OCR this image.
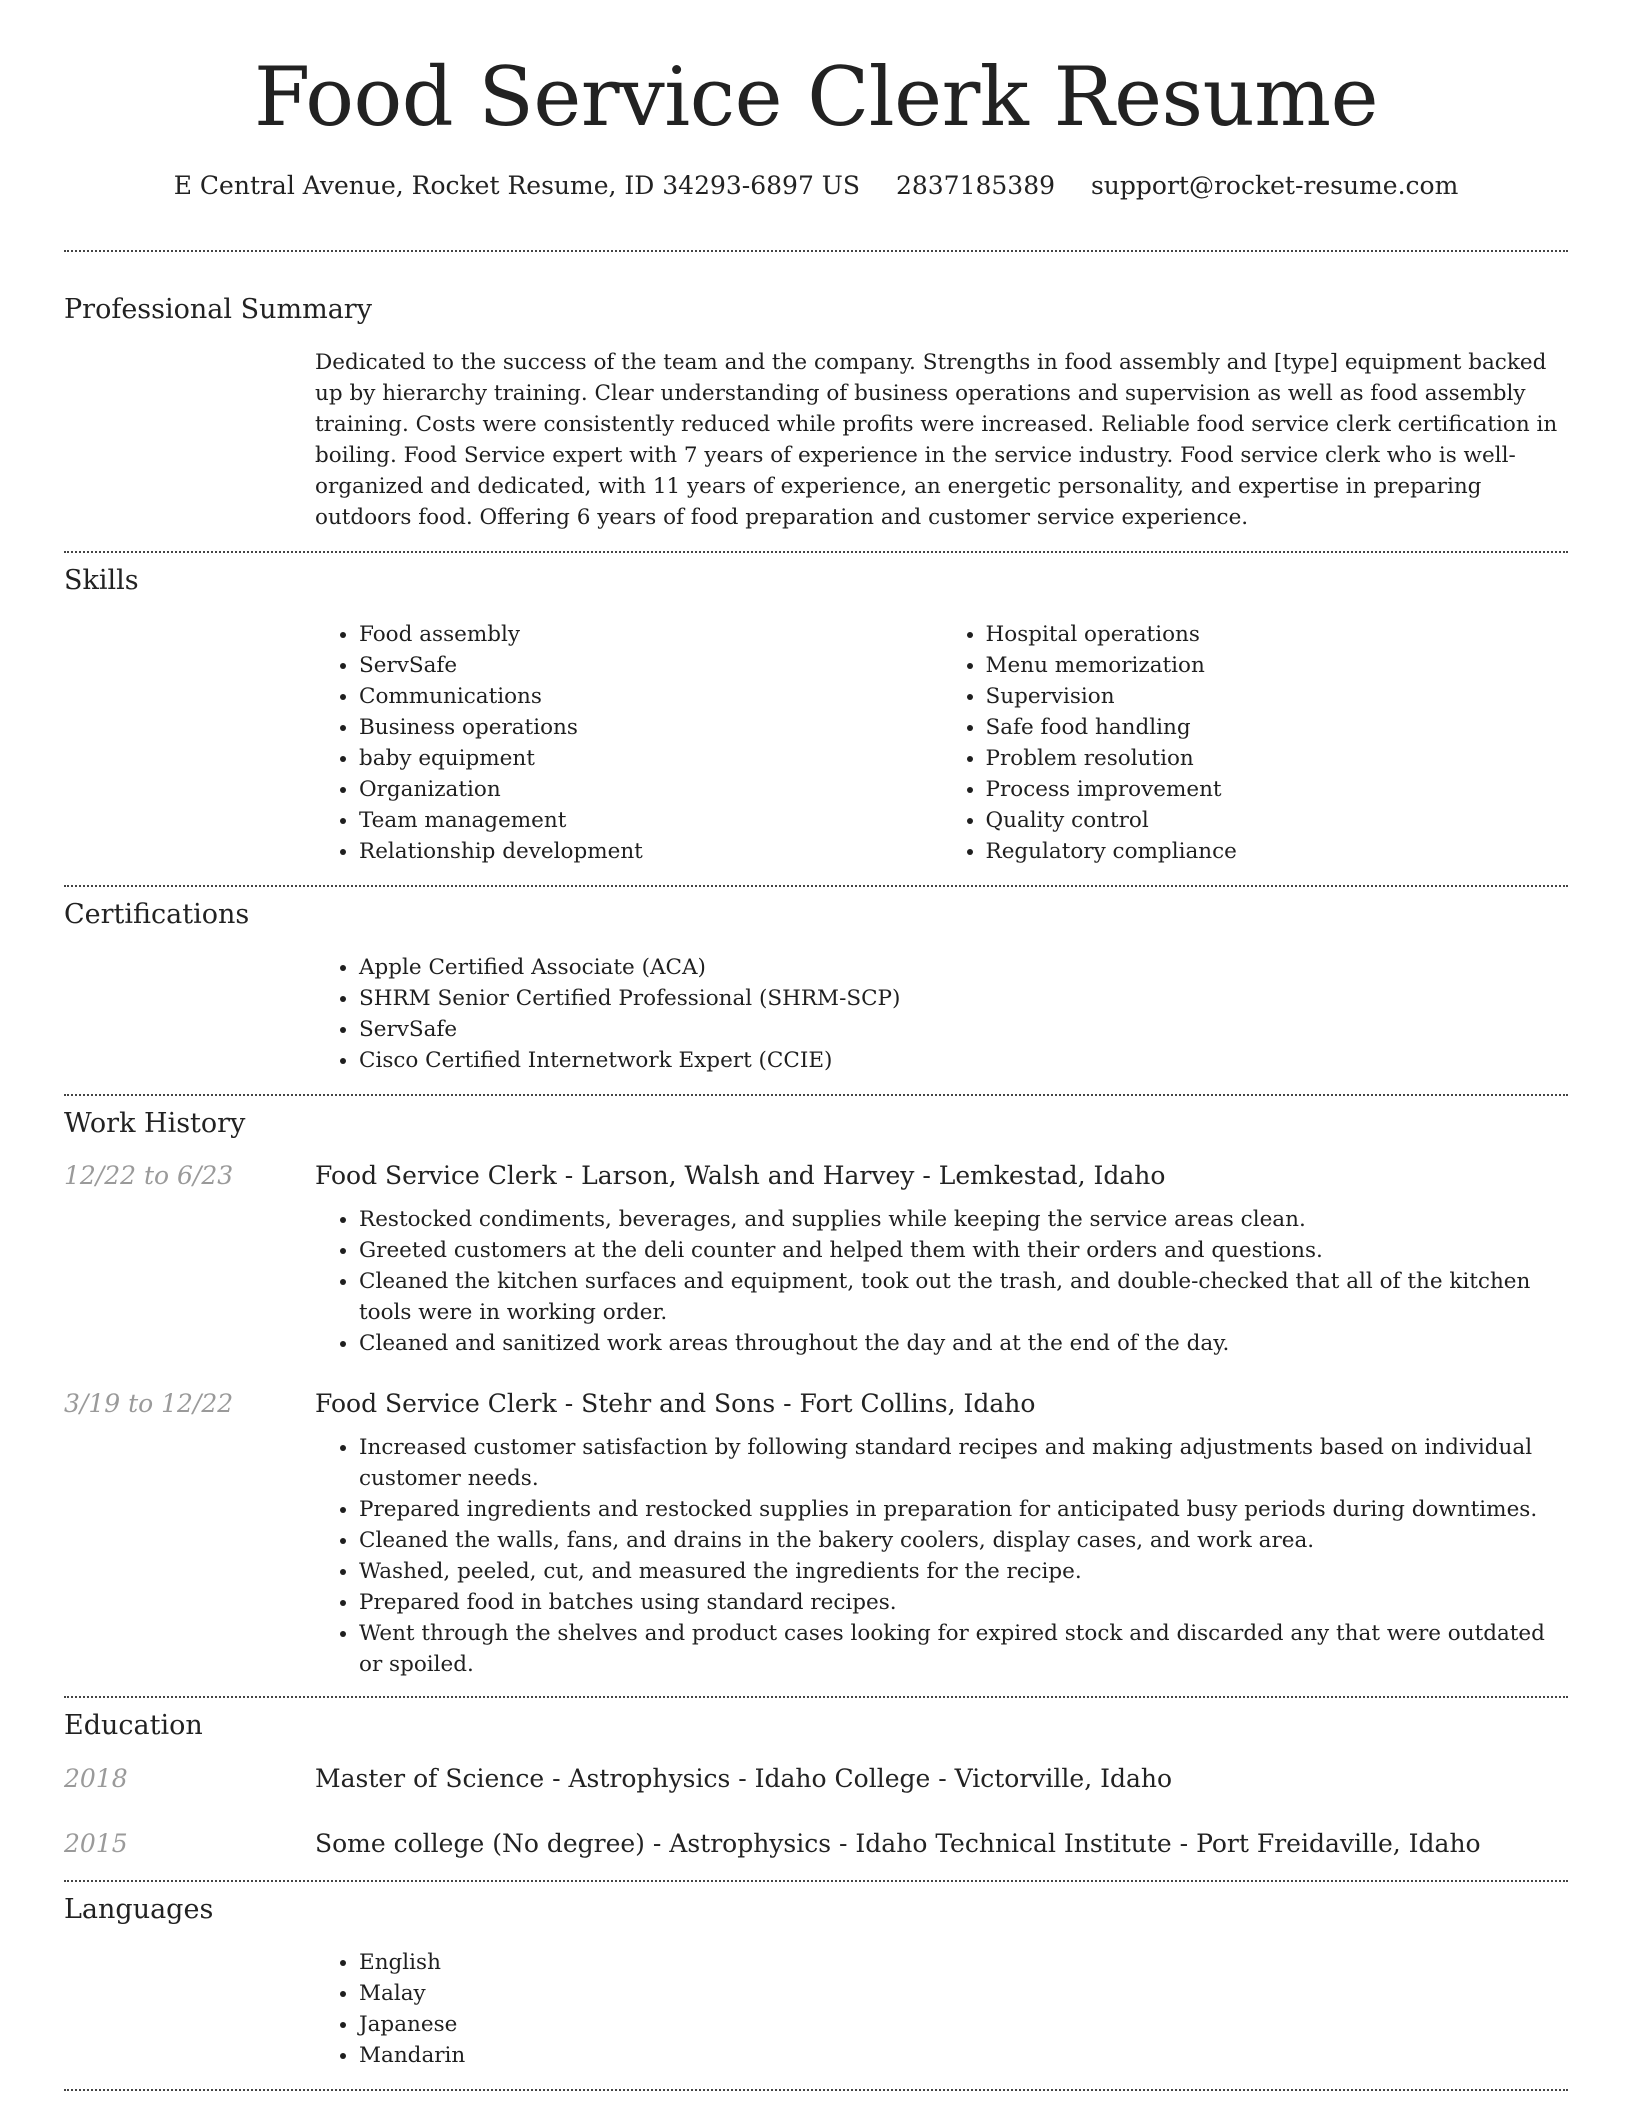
Food Service Clerk Resume
E Central Avenue, Rocket Resume, ID 34293-6897 US 2837185389 support@rocket-resume.com
Professional Summary
Dedicated to the success of the team and the company. Strengths in food assembly and [type] equipment backed up by hierarchy training. Clear understanding of business operations and supervision as well as food assembly training. Costs were consistently reduced while profits were increased. Reliable food service clerk certification in boiling. Food Service expert with 7 years of experience in the service industry. Food service clerk who is well-organized and dedicated, with 11 years of experience, an energetic personality, and expertise in preparing outdoors food. Offering 6 years of food preparation and customer service experience.
Skills
• Food assembly
• ServSafe
• Communications
• Business operations
• baby equipment
• Organization
• Team management
• Relationship development
• Hospital operations
• Menu memorization
• Supervision
• Safe food handling
• Problem resolution
• Process improvement
• Quality control
• Regulatory compliance
Certifications
• Apple Certified Associate (ACA)
• SHRM Senior Certified Professional (SHRM-SCP)
• ServSafe
• Cisco Certified Internetwork Expert (CCIE)
Work History
12/22 to 6/23	Food Service Clerk - Larson, Walsh and Harvey - Lemkestad, Idaho
• Restocked condiments, beverages, and supplies while keeping the service areas clean.
• Greeted customers at the deli counter and helped them with their orders and questions.
• Cleaned the kitchen surfaces and equipment, took out the trash, and double-checked that all of the kitchen tools were in working order.
• Cleaned and sanitized work areas throughout the day and at the end of the day.
3/19 to 12/22	Food Service Clerk - Stehr and Sons - Fort Collins, Idaho
• Increased customer satisfaction by following standard recipes and making adjustments based on individual customer needs.
• Prepared ingredients and restocked supplies in preparation for anticipated busy periods during downtimes.
• Cleaned the walls, fans, and drains in the bakery coolers, display cases, and work area.
• Washed, peeled, cut, and measured the ingredients for the recipe.
• Prepared food in batches using standard recipes.
• Went through the shelves and product cases looking for expired stock and discarded any that were outdated or spoiled.
Education
2018	Master of Science - Astrophysics - Idaho College - Victorville, Idaho
2015	Some college (No degree) - Astrophysics - Idaho Technical Institute - Port Freidaville, Idaho
Languages
• English
• Malay
• Japanese
• Mandarin
